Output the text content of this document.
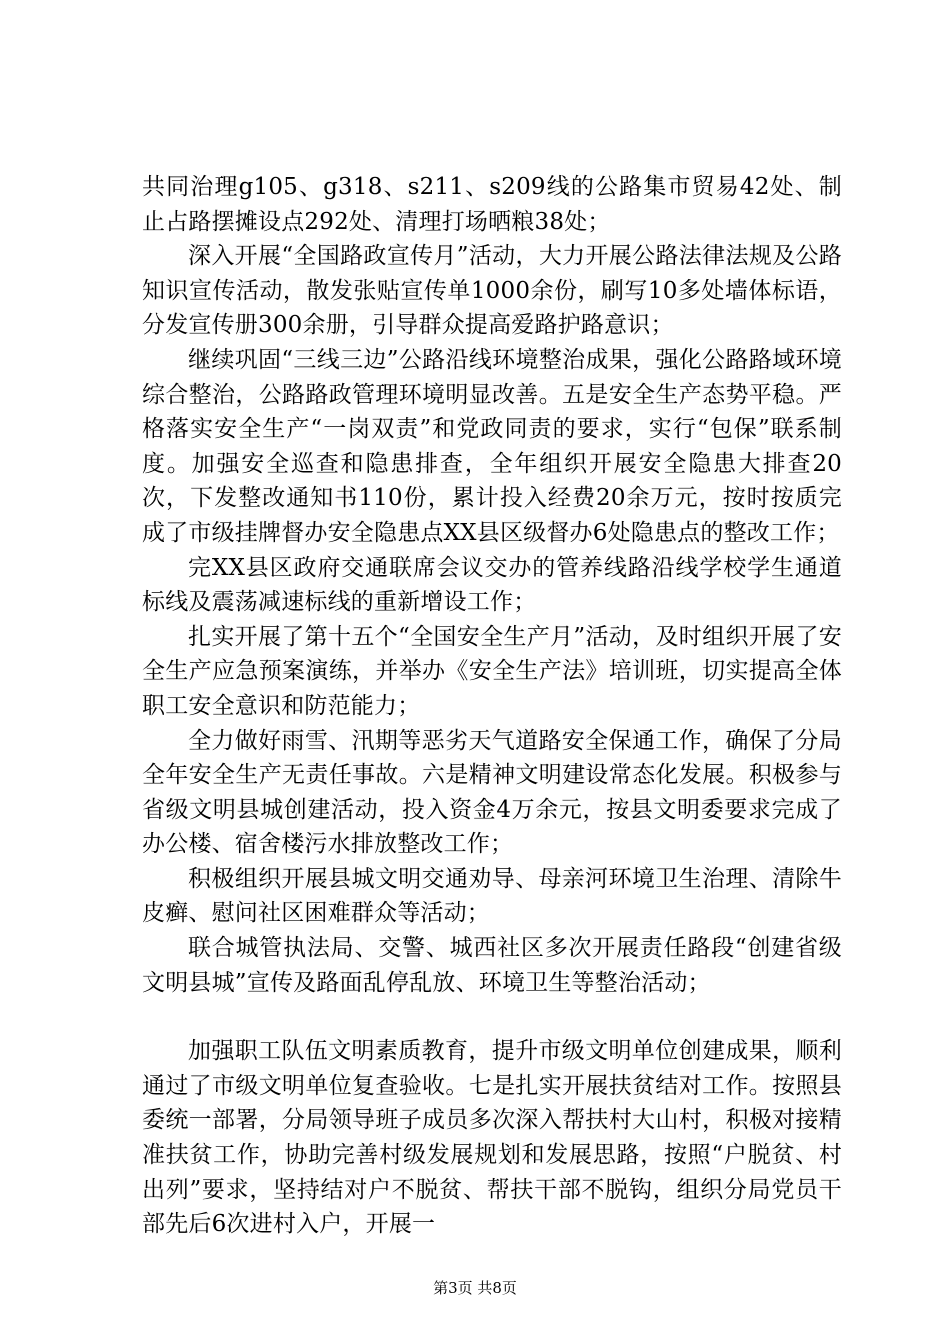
共同治理g105、g318、s211、s209线的公路集市贸易42处、制止占路摆摊设点292处、清理打场晒粮38处；

深入开展“全国路政宣传月”活动，大力开展公路法律法规及公路知识宣传活动，散发张贴宣传单1000余份，刷写10多处墙体标语，分发宣传册300余册，引导群众提高爱路护路意识；

继续巩固“三线三边”公路沿线环境整治成果，强化公路路域环境综合整治，公路路政管理环境明显改善。五是安全生产态势平稳。严格落实安全生产“一岗双责”和党政同责的要求，实行“包保”联系制度。加强安全巡查和隐患排查，全年组织开展安全隐患大排查20次，下发整改通知书110份，累计投入经费20余万元，按时按质完成了市级挂牌督办安全隐患点XX县区级督办6处隐患点的整改工作；

完XX县区政府交通联席会议交办的管养线路沿线学校学生通道标线及震荡减速标线的重新增设工作；

扎实开展了第十五个“全国安全生产月”活动，及时组织开展了安全生产应急预案演练，并举办《安全生产法》培训班，切实提高全体职工安全意识和防范能力；

全力做好雨雪、汛期等恶劣天气道路安全保通工作，确保了分局全年安全生产无责任事故。六是精神文明建设常态化发展。积极参与省级文明县城创建活动，投入资金4万余元，按县文明委要求完成了办公楼、宿舍楼污水排放整改工作；

积极组织开展县城文明交通劝导、母亲河环境卫生治理、清除牛皮癣、慰问社区困难群众等活动；

联合城管执法局、交警、城西社区多次开展责任路段“创建省级文明县城”宣传及路面乱停乱放、环境卫生等整治活动；

加强职工队伍文明素质教育，提升市级文明单位创建成果，顺利通过了市级文明单位复查验收。七是扎实开展扶贫结对工作。按照县委统一部署，分局领导班子成员多次深入帮扶村大山村，积极对接精准扶贫工作，协助完善村级发展规划和发展思路，按照“户脱贫、村出列”要求，坚持结对户不脱贫、帮扶干部不脱钩，组织分局党员干部先后6次进村入户，开展一

第3页 共8页
